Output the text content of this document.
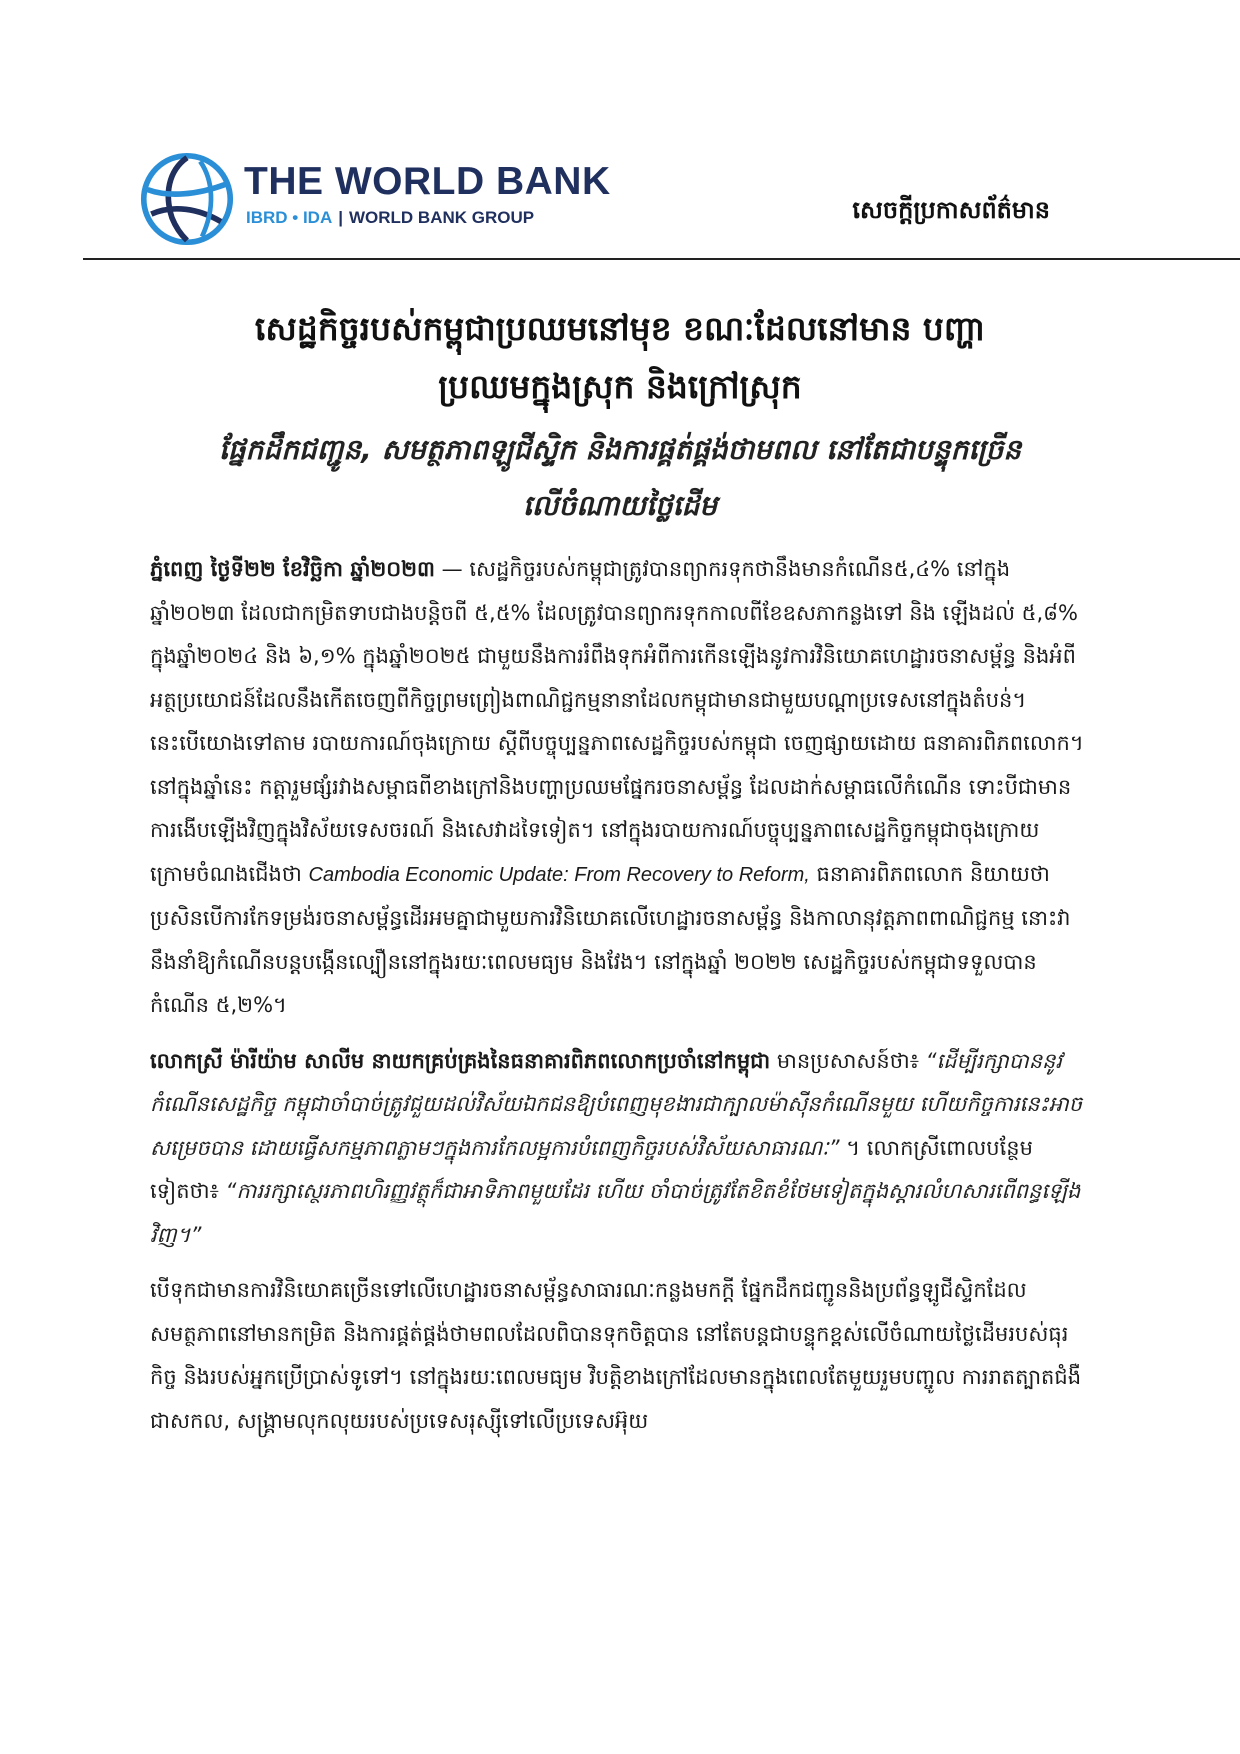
THE WORLD BANK
IBRD • IDA | WORLD BANK GROUP	សេចក្តីប្រកាសព័ត៌មាន
សេដ្ឋកិច្ចរបស់កម្ពុជាប្រឈមនៅមុខ ខណៈដែលនៅមាន បញ្ហា
ប្រឈមក្នុងស្រុក និងក្រៅស្រុក
ផ្នែកដឹកជញ្ជូន, សមត្ថភាពឡូជីស្ទិក និងការផ្គត់ផ្គង់ថាមពល នៅតែជាបន្ទុកច្រើន
លើចំណាយថ្លៃដើម

ភ្នំពេញ ថ្ងៃទី២២ ខែវិច្ឆិកា ឆ្នាំ២០២៣ — សេដ្ឋកិច្ចរបស់កម្ពុជាត្រូវបានព្យាករទុកថានឹងមានកំណើន៥,៤% នៅក្នុងឆ្នាំ២០២៣ ដែលជាកម្រិតទាបជាងបន្តិចពី ៥,៥% ដែលត្រូវបានព្យាករទុកកាលពីខែឧសភាកន្លងទៅ និង ឡើងដល់ ៥,៨% ក្នុងឆ្នាំ២០២៤ និង ៦,១% ក្នុងឆ្នាំ២០២៥ ជាមួយនឹងការរំពឹងទុកអំពីការកើនឡើងនូវការវិនិយោគហេដ្ឋារចនាសម្ព័ន្ធ និងអំពីអត្ថប្រយោជន៍ដែលនឹងកើតចេញពីកិច្ចព្រមព្រៀងពាណិជ្ជកម្មនានាដែលកម្ពុជាមានជាមួយបណ្ដាប្រទេសនៅក្នុងតំបន់។ នេះបើយោងទៅតាម របាយការណ៍ចុងក្រោយ ស្តីពីបច្ចុប្បន្នភាពសេដ្ឋកិច្ចរបស់កម្ពុជា ចេញផ្សាយដោយ ធនាគារពិភពលោក។ នៅក្នុងឆ្នាំនេះ កត្តារួមផ្សំរវាងសម្ពាធពីខាងក្រៅនិងបញ្ហាប្រឈមផ្នែករចនាសម្ព័ន្ធ ដែលដាក់សម្ពាធលើកំណើន ទោះបីជាមានការងើបឡើងវិញក្នុងវិស័យទេសចរណ៍ និងសេវាដទៃទៀត។ នៅក្នុងរបាយការណ៍បច្ចុប្បន្នភាពសេដ្ឋកិច្ចកម្ពុជាចុងក្រោយ ក្រោមចំណងជើងថា Cambodia Economic Update: From Recovery to Reform, ធនាគារពិភពលោក និយាយថា ប្រសិនបើការកែទម្រង់រចនាសម្ព័ន្ធដើរអមគ្នាជាមួយការវិនិយោគលើហេដ្ឋារចនាសម្ព័ន្ធ និងកាលានុវត្តភាពពាណិជ្ជកម្ម នោះវានឹងនាំឱ្យកំណើនបន្តបង្កើនល្បឿននៅក្នុងរយៈពេលមធ្យម និងវែង។ នៅក្នុងឆ្នាំ ២០២២ សេដ្ឋកិច្ចរបស់កម្ពុជាទទួលបានកំណើន ៥,២%។

លោកស្រី ម៉ារីយ៉ាម សាលីម នាយកគ្រប់គ្រងនៃធនាគារពិភពលោកប្រចាំនៅកម្ពុជា មានប្រសាសន៍ថា៖ “ដើម្បីរក្សាបាននូវកំណើនសេដ្ឋកិច្ច កម្ពុជាចាំបាច់ត្រូវជួយដល់វិស័យឯកជនឱ្យបំពេញមុខងារជាក្បាលម៉ាស៊ីនកំណើនមួយ ហើយកិច្ចការនេះអាចសម្រេចបាន ដោយធ្វើសកម្មភាពភ្លាមៗក្នុងការកែលម្អការបំពេញកិច្ចរបស់វិស័យសាធារណៈ” ។ លោកស្រីពោលបន្ថែមទៀតថា៖ “ការរក្សាស្ថេរភាពហិរញ្ញវត្ថុក៏ជាអាទិភាពមួយដែរ ហើយ ចាំបាច់ត្រូវតែខិតខំថែមទៀតក្នុងស្តារលំហសារពើពន្ធឡើងវិញ។”

បើទុកជាមានការវិនិយោគច្រើនទៅលើហេដ្ឋារចនាសម្ព័ន្ធសាធារណៈកន្លងមកក្តី ផ្នែកដឹកជញ្ជូននិងប្រព័ន្ធឡូជីស្ទិកដែលសមត្ថភាពនៅមានកម្រិត និងការផ្គត់ផ្គង់ថាមពលដែលពិបានទុកចិត្តបាន នៅតែបន្តជាបន្ទុកខ្ពស់លើចំណាយថ្លៃដើមរបស់ធុរកិច្ច និងរបស់អ្នកប្រើប្រាស់ទូទៅ។ នៅក្នុងរយៈពេលមធ្យម វិបត្តិខាងក្រៅដែលមានក្នុងពេលតែមួយរួមបញ្ចូល ការរាតត្បាតជំងឺជាសកល, សង្គ្រាមលុកលុយរបស់ប្រទេសរុស្ស៊ីទៅលើប្រទេសអ៊ុយ
